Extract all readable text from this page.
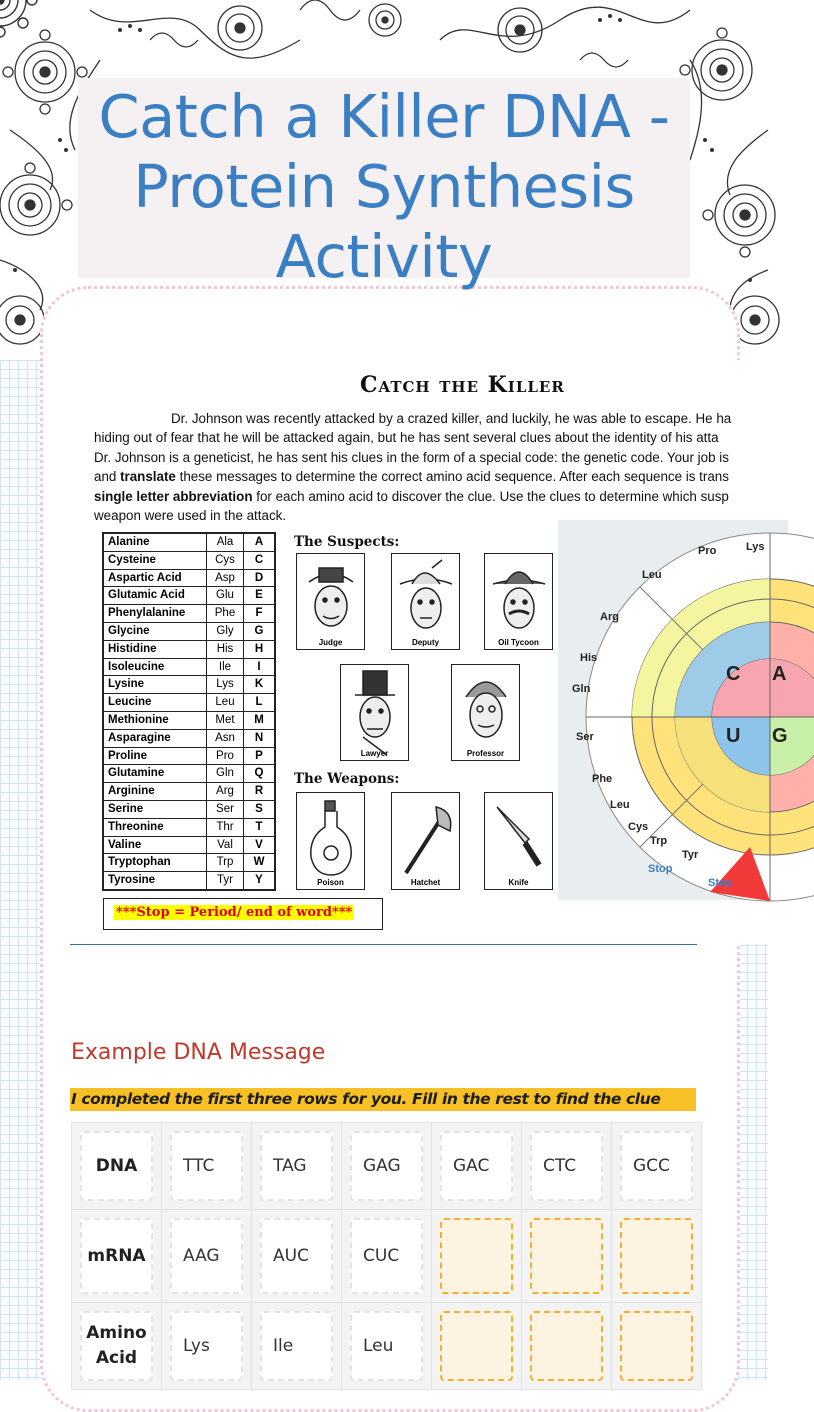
Catch a Killer DNA - Protein Synthesis Activity
Catch the Killer
Dr. Johnson was recently attacked by a crazed killer, and luckily, he was able to escape. He ha
hiding out of fear that he will be attacked again, but he has sent several clues about the identity of his atta
Dr. Johnson is a geneticist, he has sent his clues in the form of a special code: the genetic code. Your job is
and translate these messages to determine the correct amino acid sequence. After each sequence is trans
single letter abbreviation for each amino acid to discover the clue. Use the clues to determine which susp
weapon were used in the attack.
Alanine	Ala	A
Cysteine	Cys	C
Aspartic Acid	Asp	D
Glutamic Acid	Glu	E
Phenylalanine	Phe	F
Glycine	Gly	G
Histidine	His	H
Isoleucine	Ile	I
Lysine	Lys	K
Leucine	Leu	L
Methionine	Met	M
Asparagine	Asn	N
Proline	Pro	P
Glutamine	Gln	Q
Arginine	Arg	R
Serine	Ser	S
Threonine	Thr	T
Valine	Val	V
Tryptophan	Trp	W
Tyrosine	Tyr	Y
***Stop = Period/ end of word***
The Suspects:
The Weapons:
Judge	Deputy	Oil Tycoon
Lawyer	Professor
Poison	Hatchet	Knife
Pro	Lys
Leu
Arg
His
Gln
Ser
Phe
Leu
Cys
Trp
Tyr
Stop
Stop
C A
U G
Example DNA Message
I completed the first three rows for you. Fill in the rest to find the clue
DNA	TTC	TAG	GAG	GAC	CTC	GCC

mRNA	AAG	AUC	CUC			

Amino Acid	Lys	Ile	Leu			
